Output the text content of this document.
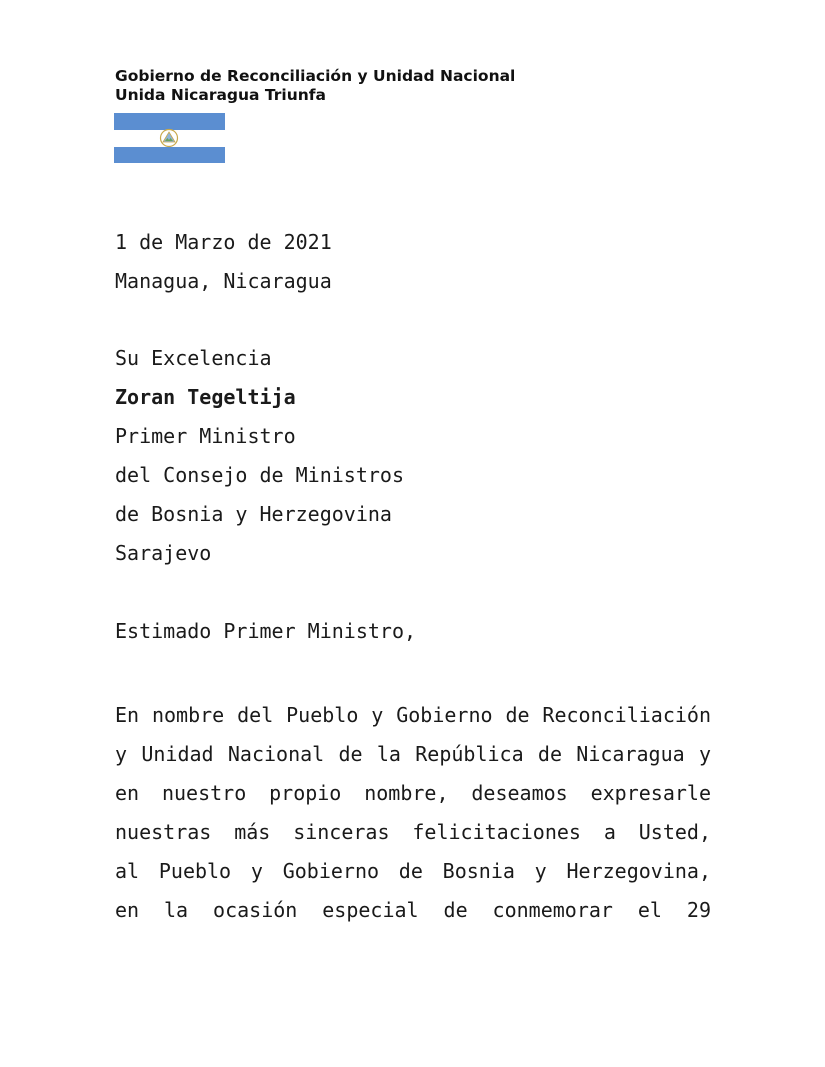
Gobierno de Reconciliación y Unidad Nacional
Unida Nicaragua Triunfa
1 de Marzo de 2021
Managua, Nicaragua
Su Excelencia
Zoran Tegeltija
Primer Ministro
del Consejo de Ministros
de Bosnia y Herzegovina
Sarajevo
Estimado Primer Ministro,
En nombre del Pueblo y Gobierno de Reconciliación
y Unidad Nacional de la República de Nicaragua y
en nuestro propio nombre, deseamos expresarle
nuestras más sinceras felicitaciones a Usted,
al Pueblo y Gobierno de Bosnia y Herzegovina,
en la ocasión especial de conmemorar el 29
